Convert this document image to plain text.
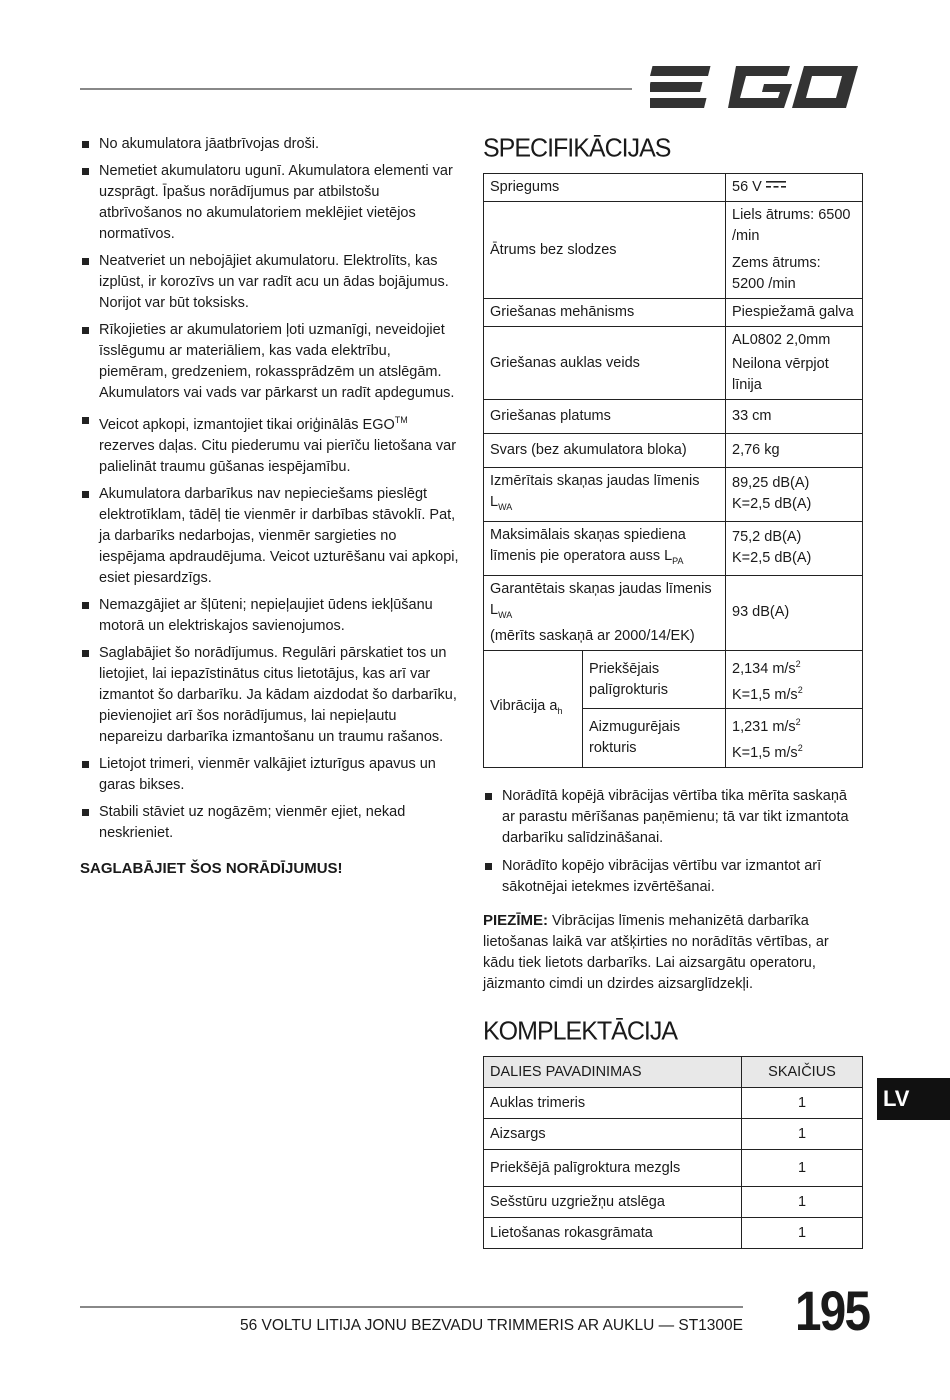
No akumulatora jāatbrīvojas droši.
Nemetiet akumulatoru ugunī. Akumulatora elementi var uzsprāgt. Īpašus norādījumus par atbilstošu atbrīvošanos no akumulatoriem meklējiet vietējos normatīvos.
Neatveriet un nebojājiet akumulatoru. Elektrolīts, kas izplūst, ir korozīvs un var radīt acu un ādas bojājumus. Norijot var būt toksisks.
Rīkojieties ar akumulatoriem ļoti uzmanīgi, neveidojiet īsslēgumu ar materiāliem, kas vada elektrību, piemēram, gredzeniem, rokassprādzēm un atslēgām. Akumulators vai vads var pārkarst un radīt apdegumus.
Veicot apkopi, izmantojiet tikai oriģinālās EGO™ rezerves daļas. Citu piederumu vai pierīču lietošana var palielināt traumu gūšanas iespējamību.
Akumulatora darbarīkus nav nepieciešams pieslēgt elektrotīklam, tādēļ tie vienmēr ir darbības stāvoklī. Pat, ja darbarīks nedarbojas, vienmēr sargieties no iespējama apdraudējuma. Veicot uzturēšanu vai apkopi, esiet piesardzīgs.
Nemazgājiet ar šļūteni; nepieļaujiet ūdens iekļūšanu motorā un elektriskajos savienojumos.
Saglabājiet šo norādījumus. Regulāri pārskatiet tos un lietojiet, lai iepazīstinātus citus lietotājus, kas arī var izmantot šo darbarīku. Ja kādam aizdodat šo darbarīku, pievienojiet arī šos norādījumus, lai nepieļautu nepareizu darbarīka izmantošanu un traumu rašanos.
Lietojot trimeri, vienmēr valkājiet izturīgus apavus un garas bikses.
Stabili stāviet uz nogāzēm; vienmēr ejiet, nekad neskrieniet.
SAGLABĀJIET ŠOS NORĀDĪJUMUS!
SPECIFIKĀCIJAS
Spriegums		56 V
Ātrums bez slodzes		Liels ātrums: 6500 /min
Zems ātrums: 5200 /min

Griešanas mehānisms		Piespiežamā galva
Griešanas auklas veids		AL0802 2,0mm
Neilona vērpjot līnija

Griešanas platums		33 cm
Svars (bez akumulatora bloka)		2,76 kg
Izmērītais skaņas jaudas līmenis $L_{WA}$		89,25 dB(A)
K=2,5 dB(A)

Maksimālais skaņas spiediena līmenis pie operatora auss $L_{PA}$		75,2 dB(A)
K=2,5 dB(A)

Garantētais skaņas jaudas līmenis
$L_{WA}$
(mērīts saskaņā ar 2000/14/EK)		93 dB(A)
Vibrācija $a_h$	Priekšējais palīgrokturis	2,134 $m/s^2$
K=1,5 $m/s^2$

	Aizmugurējais rokturis	1,231 $m/s^2$
K=1,5 $m/s^2$
Norādītā kopējā vibrācijas vērtība tika mērīta saskaņā ar parastu mērīšanas paņēmienu; tā var tikt izmantota darbarīku salīdzināšanai.
Norādīto kopējo vibrācijas vērtību var izmantot arī sākotnējai ietekmes izvērtēšanai.
PIEZĪME: Vibrācijas līmenis mehanizētā darbarīka lietošanas laikā var atšķirties no norādītās vērtības, ar kādu tiek lietots darbarīks. Lai aizsargātu operatoru, jāizmanto cimdi un dzirdes aizsarglīdzekļi.
KOMPLEKTĀCIJA
DALIES PAVADINIMAS	SKAIČIUS
Auklas trimeris	1
Aizsargs	1
Priekšējā palīgroktura mezgls	1
Sešstūru uzgriežņu atslēga	1
Lietošanas rokasgrāmata	1
LV
56 VOLTU LITIJA JONU BEZVADU TRIMMERIS AR AUKLU — ST1300E 195
